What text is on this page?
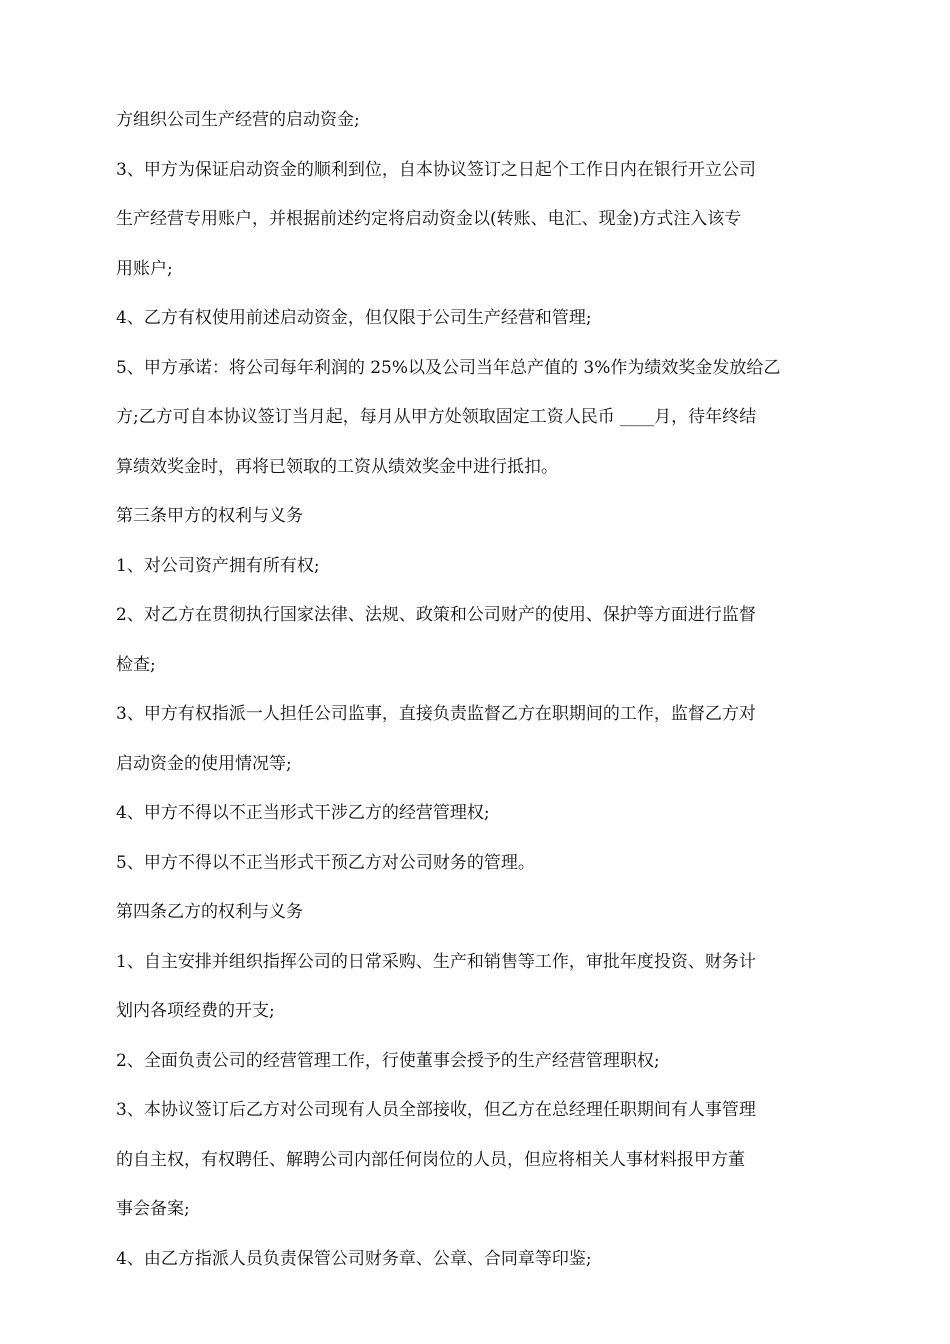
方组织公司生产经营的启动资金;

3、甲方为保证启动资金的顺利到位，自本协议签订之日起个工作日内在银行开立公司

生产经营专用账户，并根据前述约定将启动资金以(转账、电汇、现金)方式注入该专

用账户;

4、乙方有权使用前述启动资金，但仅限于公司生产经营和管理;

5、甲方承诺：将公司每年利润的 25%以及公司当年总产值的 3%作为绩效奖金发放给乙

方;乙方可自本协议签订当月起，每月从甲方处领取固定工资人民币 ____月，待年终结

算绩效奖金时，再将已领取的工资从绩效奖金中进行抵扣。

第三条甲方的权利与义务

1、对公司资产拥有所有权;

2、对乙方在贯彻执行国家法律、法规、政策和公司财产的使用、保护等方面进行监督

检查;

3、甲方有权指派一人担任公司监事，直接负责监督乙方在职期间的工作，监督乙方对

启动资金的使用情况等;

4、甲方不得以不正当形式干涉乙方的经营管理权;

5、甲方不得以不正当形式干预乙方对公司财务的管理。

第四条乙方的权利与义务

1、自主安排并组织指挥公司的日常采购、生产和销售等工作，审批年度投资、财务计

划内各项经费的开支;

2、全面负责公司的经营管理工作，行使董事会授予的生产经营管理职权;

3、本协议签订后乙方对公司现有人员全部接收，但乙方在总经理任职期间有人事管理

的自主权，有权聘任、解聘公司内部任何岗位的人员，但应将相关人事材料报甲方董

事会备案;

4、由乙方指派人员负责保管公司财务章、公章、合同章等印鉴;
